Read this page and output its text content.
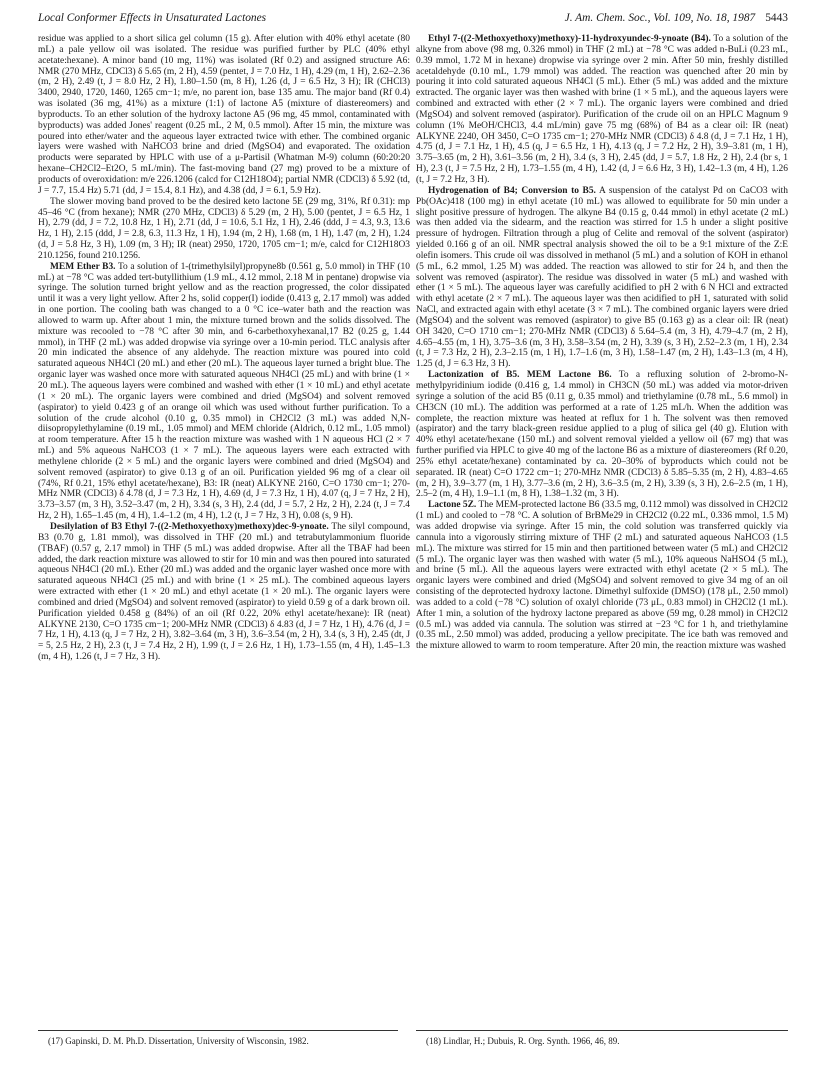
Local Conformer Effects in Unsaturated Lactones	J. Am. Chem. Soc., Vol. 109, No. 18, 1987 5443

residue was applied to a short silica gel column (15 g). After elution with 40% ethyl acetate (80 mL) a pale yellow oil was isolated. The residue was purified further by PLC (40% ethyl acetate:hexane). A minor band (10 mg, 11%) was isolated (Rf 0.2) and assigned structure A6: NMR (270 MHz, CDCl3) δ 5.65 (m, 2 H), 4.59 (pentet, J = 7.0 Hz, 1 H), 4.29 (m, 1 H), 2.62–2.36 (m, 2 H), 2.49 (t, J = 8.0 Hz, 2 H), 1.80–1.50 (m, 8 H), 1.26 (d, J = 6.5 Hz, 3 H); IR (CHCl3) 3400, 2940, 1720, 1460, 1265 cm−1; m/e, no parent ion, base 135 amu. The major band (Rf 0.4) was isolated (36 mg, 41%) as a mixture (1:1) of lactone A5 (mixture of diastereomers) and byproducts. To an ether solution of the hydroxy lactone A5 (96 mg, 45 mmol, contaminated with byproducts) was added Jones' reagent (0.25 mL, 2 M, 0.5 mmol). After 15 min, the mixture was poured into ether/water and the aqueous layer extracted twice with ether. The combined organic layers were washed with NaHCO3 brine and dried (MgSO4) and evaporated. The oxidation products were separated by HPLC with use of a μ-Partisil (Whatman M-9) column (60:20:20 hexane–CH2Cl2–Et2O, 5 mL/min). The fast-moving band (27 mg) proved to be a mixture of products of overoxidation: m/e 226.1206 (calcd for C12H18O4); partial NMR (CDCl3) δ 5.92 (td, J = 7.7, 15.4 Hz) 5.71 (dd, J = 15.4, 8.1 Hz), and 4.38 (dd, J = 6.1, 5.9 Hz).

The slower moving band proved to be the desired keto lactone 5E (29 mg, 31%, Rf 0.31): mp 45–46 °C (from hexane); NMR (270 MHz, CDCl3) δ 5.29 (m, 2 H), 5.00 (pentet, J = 6.5 Hz, 1 H), 2.79 (dd, J = 7.2, 10.8 Hz, 1 H), 2.71 (dd, J = 10.6, 5.1 Hz, 1 H), 2.46 (ddd, J = 4.3, 9.3, 13.6 Hz, 1 H), 2.15 (ddd, J = 2.8, 6.3, 11.3 Hz, 1 H), 1.94 (m, 2 H), 1.68 (m, 1 H), 1.47 (m, 2 H), 1.24 (d, J = 5.8 Hz, 3 H), 1.09 (m, 3 H); IR (neat) 2950, 1720, 1705 cm−1; m/e, calcd for C12H18O3 210.1256, found 210.1256.

MEM Ether B3. To a solution of 1-(trimethylsilyl)propyne8b (0.561 g, 5.0 mmol) in THF (10 mL) at −78 °C was added tert-butyllithium (1.9 mL, 4.12 mmol, 2.18 M in pentane) dropwise via syringe. The solution turned bright yellow and as the reaction progressed, the color dissipated until it was a very light yellow. After 2 hs, solid copper(I) iodide (0.413 g, 2.17 mmol) was added in one portion. The cooling bath was changed to a 0 °C ice–water bath and the reaction was allowed to warm up. After about 1 min, the mixture turned brown and the solids dissolved. The mixture was recooled to −78 °C after 30 min, and 6-carbethoxyhexanal,17 B2 (0.25 g, 1.44 mmol), in THF (2 mL) was added dropwise via syringe over a 10-min period. TLC analysis after 20 min indicated the absence of any aldehyde. The reaction mixture was poured into cold saturated aqueous NH4Cl (20 mL) and ether (20 mL). The aqueous layer turned a bright blue. The organic layer was washed once more with saturated aqueous NH4Cl (25 mL) and with brine (1 × 20 mL). The aqueous layers were combined and washed with ether (1 × 10 mL) and ethyl acetate (1 × 20 mL). The organic layers were combined and dried (MgSO4) and solvent removed (aspirator) to yield 0.423 g of an orange oil which was used without further purification. To a solution of the crude alcohol (0.10 g, 0.35 mmol) in CH2Cl2 (3 mL) was added N,N-diisopropylethylamine (0.19 mL, 1.05 mmol) and MEM chloride (Aldrich, 0.12 mL, 1.05 mmol) at room temperature. After 15 h the reaction mixture was washed with 1 N aqueous HCl (2 × 7 mL) and 5% aqueous NaHCO3 (1 × 7 mL). The aqueous layers were each extracted with methylene chloride (2 × 5 mL) and the organic layers were combined and dried (MgSO4) and solvent removed (aspirator) to give 0.13 g of an oil. Purification yielded 96 mg of a clear oil (74%, Rf 0.21, 15% ethyl acetate/hexane), B3: IR (neat) ALKYNE 2160, C=O 1730 cm−1; 270-MHz NMR (CDCl3) δ 4.78 (d, J = 7.3 Hz, 1 H), 4.69 (d, J = 7.3 Hz, 1 H), 4.07 (q, J = 7 Hz, 2 H), 3.73–3.57 (m, 3 H), 3.52–3.47 (m, 2 H), 3.34 (s, 3 H), 2.4 (dd, J = 5.7, 2 Hz, 2 H), 2.24 (t, J = 7.4 Hz, 2 H), 1.65–1.45 (m, 4 H), 1.4–1.2 (m, 4 H), 1.2 (t, J = 7 Hz, 3 H), 0.08 (s, 9 H).

Desilylation of B3 Ethyl 7-((2-Methoxyethoxy)methoxy)dec-9-ynoate. The silyl compound, B3 (0.70 g, 1.81 mmol), was dissolved in THF (20 mL) and tetrabutylammonium fluoride (TBAF) (0.57 g, 2.17 mmol) in THF (5 mL) was added dropwise. After all the TBAF had been added, the dark reaction mixture was allowed to stir for 10 min and was then poured into saturated aqueous NH4Cl (20 mL). Ether (20 mL) was added and the organic layer washed once more with saturated aqueous NH4Cl (25 mL) and with brine (1 × 25 mL). The combined aqueous layers were extracted with ether (1 × 20 mL) and ethyl acetate (1 × 20 mL). The organic layers were combined and dried (MgSO4) and solvent removed (aspirator) to yield 0.59 g of a dark brown oil. Purification yielded 0.458 g (84%) of an oil (Rf 0.22, 20% ethyl acetate/hexane): IR (neat) ALKYNE 2130, C=O 1735 cm−1; 200-MHz NMR (CDCl3) δ 4.83 (d, J = 7 Hz, 1 H), 4.76 (d, J = 7 Hz, 1 H), 4.13 (q, J = 7 Hz, 2 H), 3.82–3.64 (m, 3 H), 3.6–3.54 (m, 2 H), 3.4 (s, 3 H), 2.45 (dt, J = 5, 2.5 Hz, 2 H), 2.3 (t, J = 7.4 Hz, 2 H), 1.99 (t, J = 2.6 Hz, 1 H), 1.73–1.55 (m, 4 H), 1.45–1.3 (m, 4 H), 1.26 (t, J = 7 Hz, 3 H).

Ethyl 7-((2-Methoxyethoxy)methoxy)-11-hydroxyundec-9-ynoate (B4). To a solution of the alkyne from above (98 mg, 0.326 mmol) in THF (2 mL) at −78 °C was added n-BuLi (0.23 mL, 0.39 mmol, 1.72 M in hexane) dropwise via syringe over 2 min. After 50 min, freshly distilled acetaldehyde (0.10 mL, 1.79 mmol) was added. The reaction was quenched after 20 min by pouring it into cold saturated aqueous NH4Cl (5 mL). Ether (5 mL) was added and the mixture extracted. The organic layer was then washed with brine (1 × 5 mL), and the aqueous layers were combined and extracted with ether (2 × 7 mL). The organic layers were combined and dried (MgSO4) and solvent removed (aspirator). Purification of the crude oil on an HPLC Magnum 9 column (1% MeOH/CHCl3, 4.4 mL/min) gave 75 mg (68%) of B4 as a clear oil: IR (neat) ALKYNE 2240, OH 3450, C=O 1735 cm−1; 270-MHz NMR (CDCl3) δ 4.8 (d, J = 7.1 Hz, 1 H), 4.75 (d, J = 7.1 Hz, 1 H), 4.5 (q, J = 6.5 Hz, 1 H), 4.13 (q, J = 7.2 Hz, 2 H), 3.9–3.81 (m, 1 H), 3.75–3.65 (m, 2 H), 3.61–3.56 (m, 2 H), 3.4 (s, 3 H), 2.45 (dd, J = 5.7, 1.8 Hz, 2 H), 2.4 (br s, 1 H), 2.3 (t, J = 7.5 Hz, 2 H), 1.73–1.55 (m, 4 H), 1.42 (d, J = 6.6 Hz, 3 H), 1.42–1.3 (m, 4 H), 1.26 (t, J = 7.2 Hz, 3 H).

Hydrogenation of B4; Conversion to B5. A suspension of the catalyst Pd on CaCO3 with Pb(OAc)418 (100 mg) in ethyl acetate (10 mL) was allowed to equilibrate for 50 min under a slight positive pressure of hydrogen. The alkyne B4 (0.15 g, 0.44 mmol) in ethyl acetate (2 mL) was then added via the sidearm, and the reaction was stirred for 1.5 h under a slight positive pressure of hydrogen. Filtration through a plug of Celite and removal of the solvent (aspirator) yielded 0.166 g of an oil. NMR spectral analysis showed the oil to be a 9:1 mixture of the Z:E olefin isomers. This crude oil was dissolved in methanol (5 mL) and a solution of KOH in ethanol (5 mL, 6.2 mmol, 1.25 M) was added. The reaction was allowed to stir for 24 h, and then the solvent was removed (aspirator). The residue was dissolved in water (5 mL) and washed with ether (1 × 5 mL). The aqueous layer was carefully acidified to pH 2 with 6 N HCl and extracted with ethyl acetate (2 × 7 mL). The aqueous layer was then acidified to pH 1, saturated with solid NaCl, and extracted again with ethyl acetate (3 × 7 mL). The combined organic layers were dried (MgSO4) and the solvent was removed (aspirator) to give B5 (0.163 g) as a clear oil: IR (neat) OH 3420, C=O 1710 cm−1; 270-MHz NMR (CDCl3) δ 5.64–5.4 (m, 3 H), 4.79–4.7 (m, 2 H), 4.65–4.55 (m, 1 H), 3.75–3.6 (m, 3 H), 3.58–3.54 (m, 2 H), 3.39 (s, 3 H), 2.52–2.3 (m, 1 H), 2.34 (t, J = 7.3 Hz, 2 H), 2.3–2.15 (m, 1 H), 1.7–1.6 (m, 3 H), 1.58–1.47 (m, 2 H), 1.43–1.3 (m, 4 H), 1.25 (d, J = 6.3 Hz, 3 H).

Lactonization of B5. MEM Lactone B6. To a refluxing solution of 2-bromo-N-methylpyridinium iodide (0.416 g, 1.4 mmol) in CH3CN (50 mL) was added via motor-driven syringe a solution of the acid B5 (0.11 g, 0.35 mmol) and triethylamine (0.78 mL, 5.6 mmol) in CH3CN (10 mL). The addition was performed at a rate of 1.25 mL/h. When the addition was complete, the reaction mixture was heated at reflux for 1 h. The solvent was then removed (aspirator) and the tarry black-green residue applied to a plug of silica gel (40 g). Elution with 40% ethyl acetate/hexane (150 mL) and solvent removal yielded a yellow oil (67 mg) that was further purified via HPLC to give 40 mg of the lactone B6 as a mixture of diastereomers (Rf 0.20, 25% ethyl acetate/hexane) contaminated by ca. 20–30% of byproducts which could not be separated. IR (neat) C=O 1722 cm−1; 270-MHz NMR (CDCl3) δ 5.85–5.35 (m, 2 H), 4.83–4.65 (m, 2 H), 3.9–3.77 (m, 1 H), 3.77–3.6 (m, 2 H), 3.6–3.5 (m, 2 H), 3.39 (s, 3 H), 2.6–2.5 (m, 1 H), 2.5–2 (m, 4 H), 1.9–1.1 (m, 8 H), 1.38–1.32 (m, 3 H).

Lactone 5Z. The MEM-protected lactone B6 (33.5 mg, 0.112 mmol) was dissolved in CH2Cl2 (1 mL) and cooled to −78 °C. A solution of BrBMe29 in CH2Cl2 (0.22 mL, 0.336 mmol, 1.5 M) was added dropwise via syringe. After 15 min, the cold solution was transferred quickly via cannula into a vigorously stirring mixture of THF (2 mL) and saturated aqueous NaHCO3 (1.5 mL). The mixture was stirred for 15 min and then partitioned between water (5 mL) and CH2Cl2 (5 mL). The organic layer was then washed with water (5 mL), 10% aqueous NaHSO4 (5 mL), and brine (5 mL). All the aqueous layers were extracted with ethyl acetate (2 × 5 mL). The organic layers were combined and dried (MgSO4) and solvent removed to give 34 mg of an oil consisting of the deprotected hydroxy lactone. Dimethyl sulfoxide (DMSO) (178 μL, 2.50 mmol) was added to a cold (−78 °C) solution of oxalyl chloride (73 μL, 0.83 mmol) in CH2Cl2 (1 mL). After 1 min, a solution of the hydroxy lactone prepared as above (59 mg, 0.28 mmol) in CH2Cl2 (0.5 mL) was added via cannula. The solution was stirred at −23 °C for 1 h, and triethylamine (0.35 mL, 2.50 mmol) was added, producing a yellow precipitate. The ice bath was removed and the mixture allowed to warm to room temperature. After 20 min, the reaction mixture was washed

(17) Gapinski, D. M. Ph.D. Dissertation, University of Wisconsin, 1982.	(18) Lindlar, H.; Dubuis, R. Org. Synth. 1966, 46, 89.
